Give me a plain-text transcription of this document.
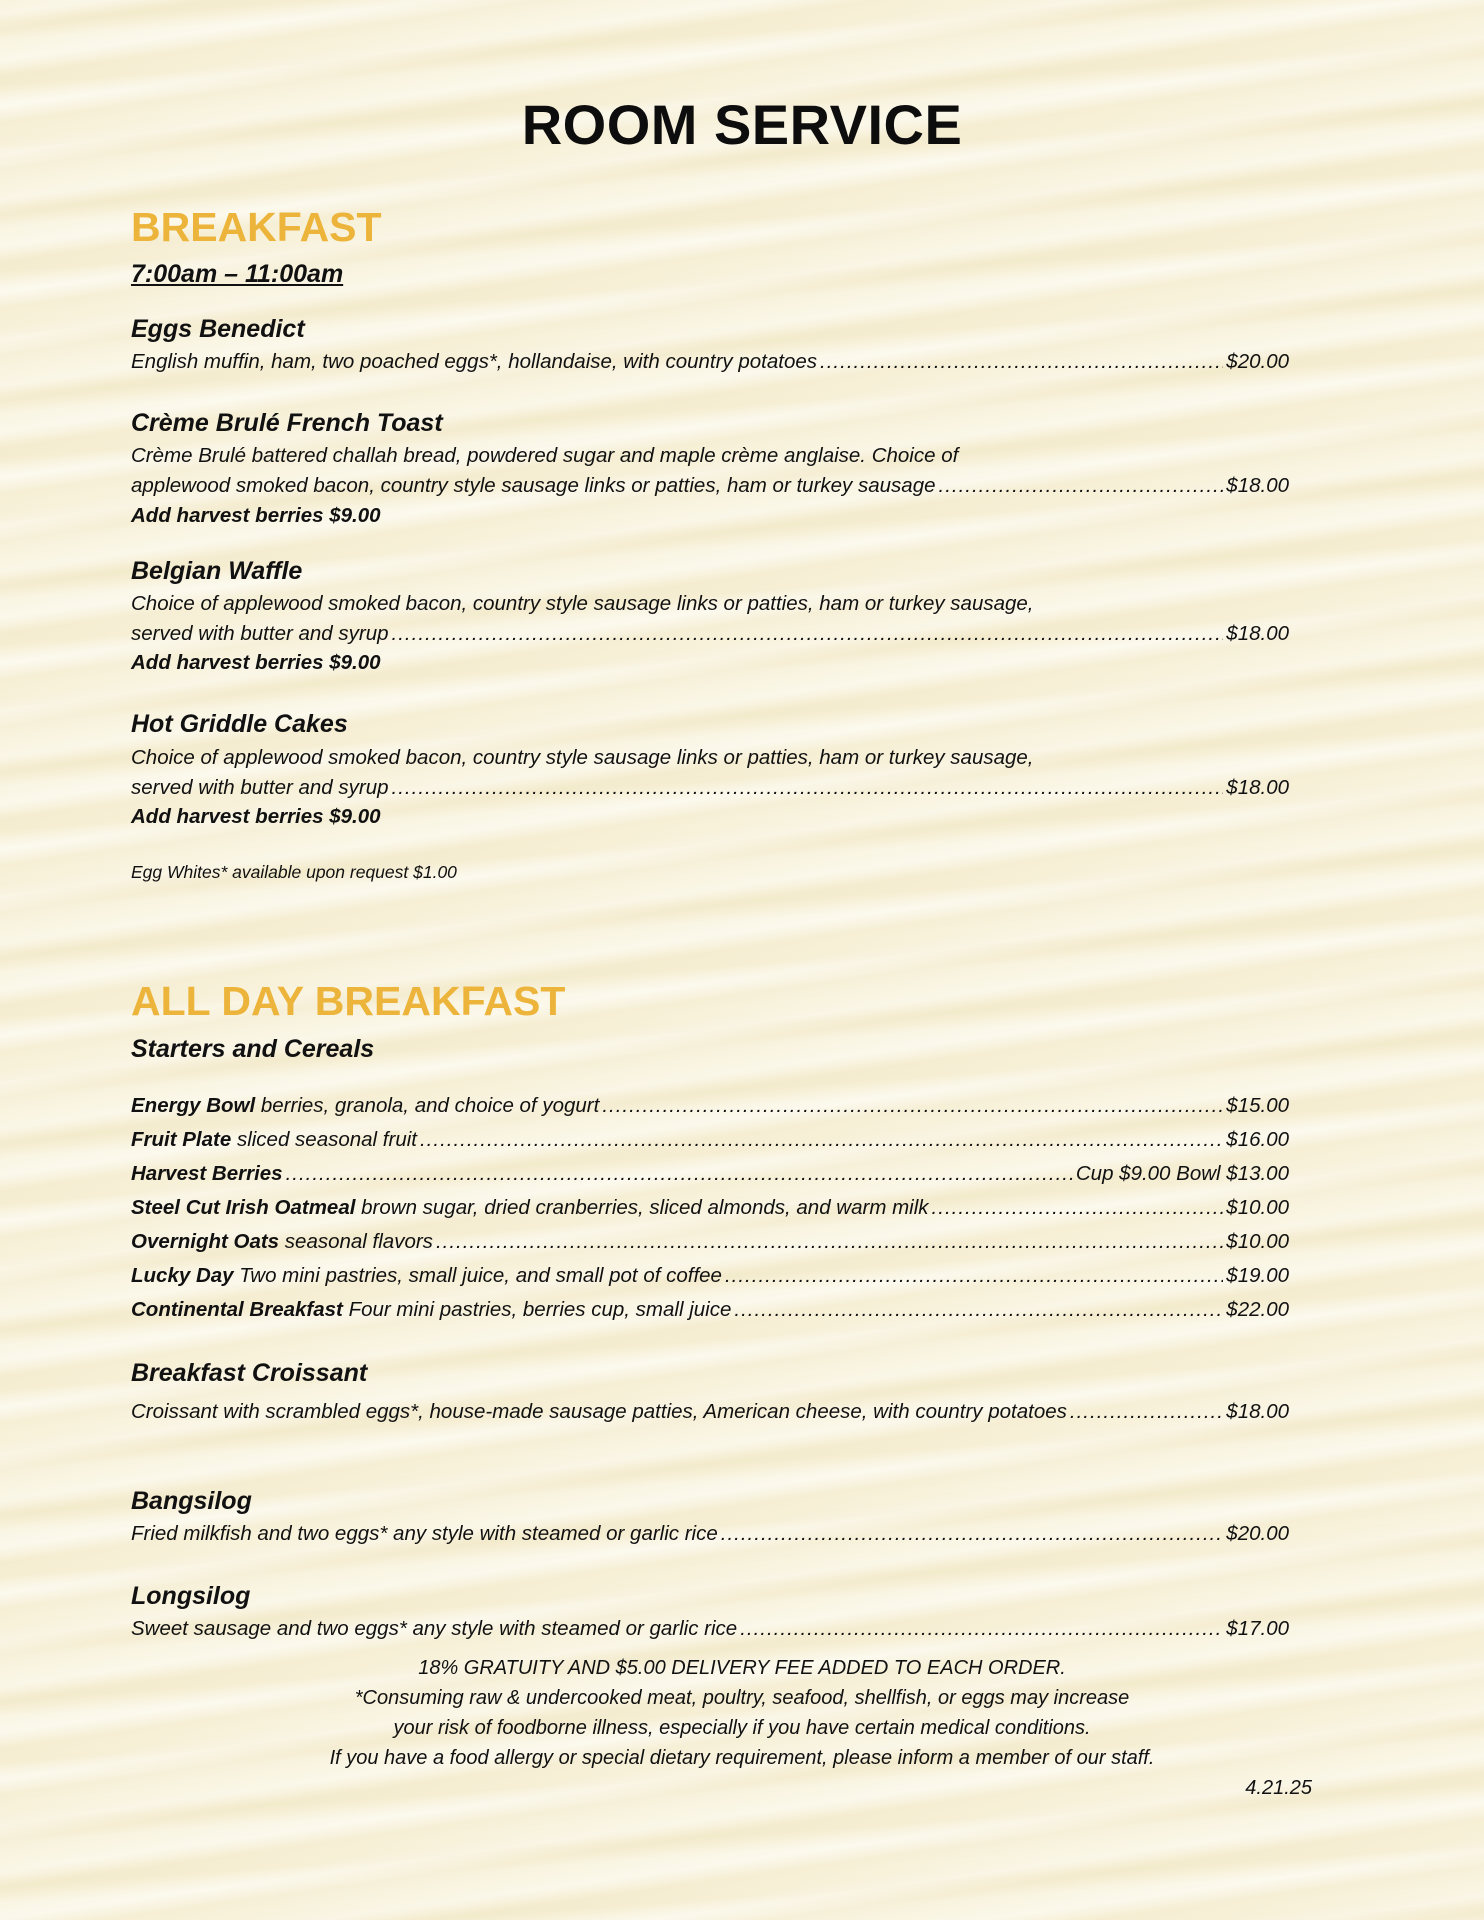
ROOM SERVICE
BREAKFAST
7:00am – 11:00am
Eggs Benedict
English muffin, ham, two poached eggs*, hollandaise, with country potatoes .....	$20.00
Crème Brulé French Toast
Crème Brulé battered challah bread, powdered sugar and maple crème anglaise. Choice of
applewood smoked bacon, country style sausage links or patties, ham or turkey sausage .....	$18.00
Add harvest berries $9.00
Belgian Waffle
Choice of applewood smoked bacon, country style sausage links or patties, ham or turkey sausage,
served with butter and syrup .....	$18.00
Add harvest berries $9.00
Hot Griddle Cakes
Choice of applewood smoked bacon, country style sausage links or patties, ham or turkey sausage,
served with butter and syrup .....	$18.00
Add harvest berries $9.00
Egg Whites* available upon request $1.00
ALL DAY BREAKFAST
Starters and Cereals
Energy Bowl berries, granola, and choice of yogurt .....	$15.00
Fruit Plate sliced seasonal fruit .....	$16.00
Harvest Berries .....	Cup $9.00 Bowl $13.00
Steel Cut Irish Oatmeal brown sugar, dried cranberries, sliced almonds, and warm milk .....	$10.00
Overnight Oats seasonal flavors .....	$10.00
Lucky Day Two mini pastries, small juice, and small pot of coffee .....	$19.00
Continental Breakfast Four mini pastries, berries cup, small juice .....	$22.00
Breakfast Croissant
Croissant with scrambled eggs*, house-made sausage patties, American cheese, with country potatoes .....	$18.00
Bangsilog
Fried milkfish and two eggs* any style with steamed or garlic rice .....	$20.00
Longsilog
Sweet sausage and two eggs* any style with steamed or garlic rice .....	$17.00
18% GRATUITY AND $5.00 DELIVERY FEE ADDED TO EACH ORDER.
*Consuming raw & undercooked meat, poultry, seafood, shellfish, or eggs may increase
your risk of foodborne illness, especially if you have certain medical conditions.
If you have a food allergy or special dietary requirement, please inform a member of our staff.
4.21.25
